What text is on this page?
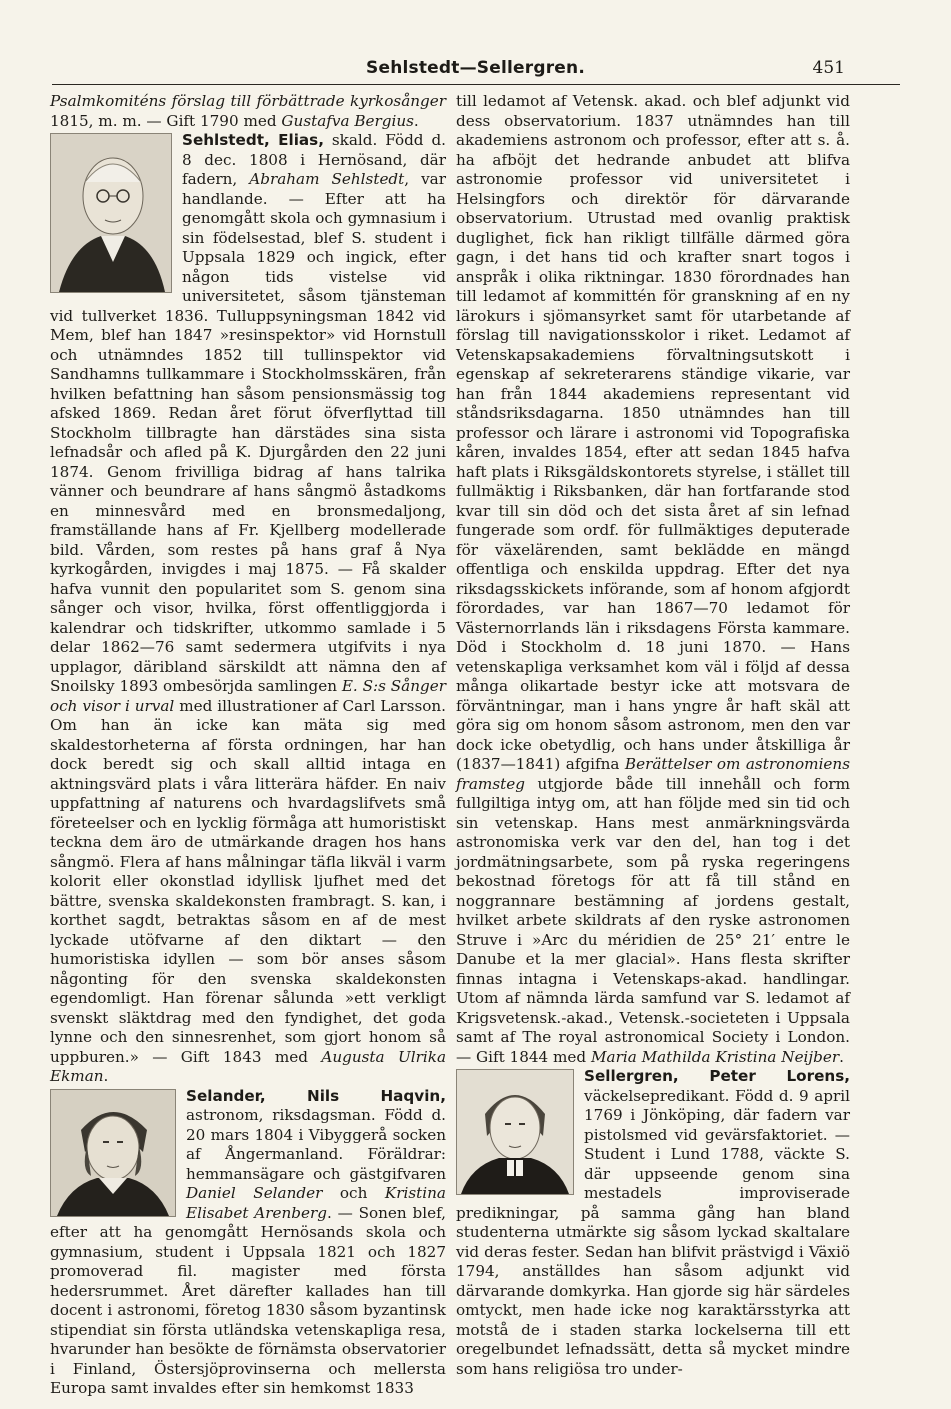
Sehlstedt—Sellergren.	451

Psalmkomiténs förslag till förbättrade kyrkosånger 1815, m. m. — Gift 1790 med Gustafva Bergius.

Sehlstedt, Elias, skald. Född d. 8 dec. 1808 i Hernösand, där fadern, Abraham Sehlstedt, var handlande. — Efter att ha genomgått skola och gymnasium i sin födelsestad, blef S. student i Uppsala 1829 och ingick, efter någon tids vistelse vid universitetet, såsom tjänsteman vid tullverket 1836. Tulluppsyningsman 1842 vid Mem, blef han 1847 »resinspektor» vid Hornstull och utnämndes 1852 till tullinspektor vid Sandhamns tullkammare i Stockholmsskären, från hvilken befattning han såsom pensionsmässig tog afsked 1869. Redan året förut öfverflyttad till Stockholm tillbragte han därstädes sina sista lefnadsår och afled på K. Djurgården den 22 juni 1874. Genom frivilliga bidrag af hans talrika vänner och beundrare af hans sångmö åstadkoms en minnesvård med en bronsmedaljong, framställande hans af Fr. Kjellberg modellerade bild. Vården, som restes på hans graf å Nya kyrkogården, invigdes i maj 1875. — Få skalder hafva vunnit den popularitet som S. genom sina sånger och visor, hvilka, först offentliggjorda i kalendrar och tidskrifter, utkommo samlade i 5 delar 1862—76 samt sedermera utgifvits i nya upplagor, däribland särskildt att nämna den af Snoilsky 1893 ombesörjda samlingen E. S:s Sånger och visor i urval med illustrationer af Carl Larsson. Om han än icke kan mäta sig med skaldestorheterna af första ordningen, har han dock beredt sig och skall alltid intaga en aktningsvärd plats i våra litterära häfder. En naiv uppfattning af naturens och hvardagslifvets små företeelser och en lycklig förmåga att humoristiskt teckna dem äro de utmärkande dragen hos hans sångmö. Flera af hans målningar täfla likväl i varm kolorit eller okonstlad idyllisk ljufhet med det bättre, svenska skaldekonsten frambragt. S. kan, i korthet sagdt, betraktas såsom en af de mest lyckade utöfvarne af den diktart — den humoristiska idyllen — som bör anses såsom någonting för den svenska skaldekonsten egendomligt. Han förenar sålunda »ett verkligt svenskt släktdrag med den fyndighet, det goda lynne och den sinnesrenhet, som gjort honom så uppburen.» — Gift 1843 med Augusta Ulrika Ekman.

Selander, Nils Haqvin, astronom, riksdagsman. Född d. 20 mars 1804 i Vibyggerå socken af Ångermanland. Föräldrar: hemmansägare och gästgifvaren Daniel Selander och Kristina Elisabet Arenberg. — Sonen blef, efter att ha genomgått Hernösands skola och gymnasium, student i Uppsala 1821 och 1827 promoverad fil. magister med första hedersrummet. Året därefter kallades han till docent i astronomi, företog 1830 såsom byzantinsk stipendiat sin första utländska vetenskapliga resa, hvarunder han besökte de förnämsta observatorier i Finland, Östersjöprovinserna och mellersta Europa samt invaldes efter sin hemkomst 1833

till ledamot af Vetensk. akad. och blef adjunkt vid dess observatorium. 1837 utnämndes han till akademiens astronom och professor, efter att s. å. ha afböjt det hedrande anbudet att blifva astronomie professor vid universitetet i Helsingfors och direktör för därvarande observatorium. Utrustad med ovanlig praktisk duglighet, fick han rikligt tillfälle därmed göra gagn, i det hans tid och krafter snart togos i anspråk i olika riktningar. 1830 förordnades han till ledamot af kommittén för granskning af en ny lärokurs i sjömansyrket samt för utarbetande af förslag till navigationsskolor i riket. Ledamot af Vetenskapsakademiens förvaltningsutskott i egenskap af sekreterarens ständige vikarie, var han från 1844 akademiens representant vid ståndsriksdagarna. 1850 utnämndes han till professor och lärare i astronomi vid Topografiska kåren, invaldes 1854, efter att sedan 1845 hafva haft plats i Riksgäldskontorets styrelse, i stället till fullmäktig i Riksbanken, där han fortfarande stod kvar till sin död och det sista året af sin lefnad fungerade som ordf. för fullmäktiges deputerade för växelärenden, samt beklädde en mängd offentliga och enskilda uppdrag. Efter det nya riksdagsskickets införande, som af honom afgjordt förordades, var han 1867—70 ledamot för Västernorrlands län i riksdagens Första kammare. Död i Stockholm d. 18 juni 1870. — Hans vetenskapliga verksamhet kom väl i följd af dessa många olikartade bestyr icke att motsvara de förväntningar, man i hans yngre år haft skäl att göra sig om honom såsom astronom, men den var dock icke obetydlig, och hans under åtskilliga år (1837—1841) afgifna Berättelser om astronomiens framsteg utgjorde både till innehåll och form fullgiltiga intyg om, att han följde med sin tid och sin vetenskap. Hans mest anmärkningsvärda astronomiska verk var den del, han tog i det jordmätningsarbete, som på ryska regeringens bekostnad företogs för att få till stånd en noggrannare bestämning af jordens gestalt, hvilket arbete skildrats af den ryske astronomen Struve i »Arc du méridien de 25° 21′ entre le Danube et la mer glacial». Hans flesta skrifter finnas intagna i Vetenskaps-akad. handlingar. Utom af nämnda lärda samfund var S. ledamot af Krigsvetensk.-akad., Vetensk.-societeten i Uppsala samt af The royal astronomical Society i London. — Gift 1844 med Maria Mathilda Kristina Neijber.

Sellergren, Peter Lorens, väckelsepredikant. Född d. 9 april 1769 i Jönköping, där fadern var pistolsmed vid gevärsfaktoriet. — Student i Lund 1788, väckte S. där uppseende genom sina mestadels improviserade predikningar, på samma gång han bland studenterna utmärkte sig såsom lyckad skaltalare vid deras fester. Sedan han blifvit prästvigd i Växiö 1794, anställdes han såsom adjunkt vid därvarande domkyrka. Han gjorde sig här särdeles omtyckt, men hade icke nog karaktärsstyrka att motstå de i staden starka lockelserna till ett oregelbundet lefnadssätt, detta så mycket mindre som hans religiösa tro under-
